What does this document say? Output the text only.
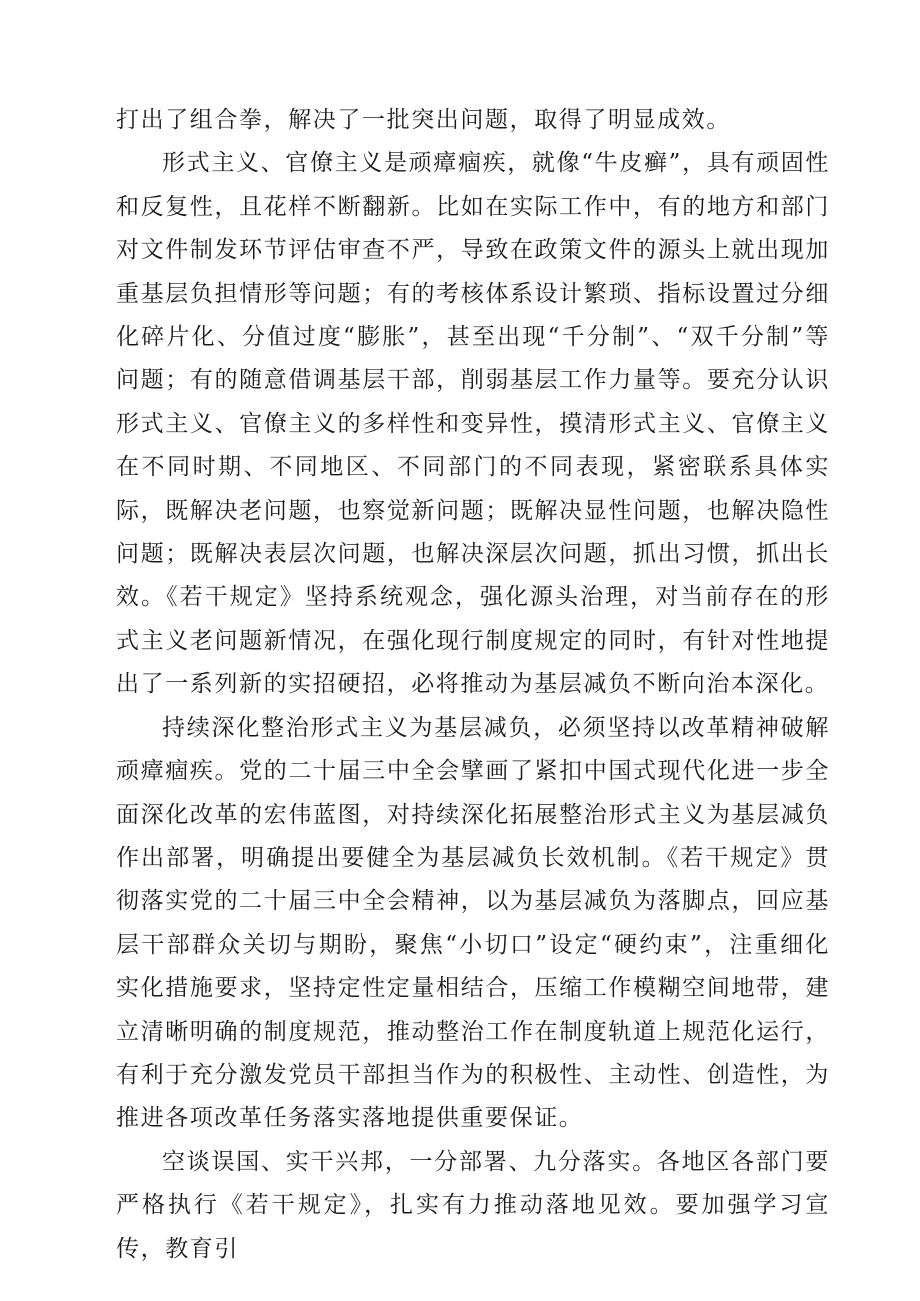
打出了组合拳，解决了一批突出问题，取得了明显成效。

形式主义、官僚主义是顽瘴痼疾，就像“牛皮癣”，具有顽固性和反复性，且花样不断翻新。比如在实际工作中，有的地方和部门对文件制发环节评估审查不严，导致在政策文件的源头上就出现加重基层负担情形等问题；有的考核体系设计繁琐、指标设置过分细化碎片化、分值过度“膨胀”，甚至出现“千分制”、“双千分制”等问题；有的随意借调基层干部，削弱基层工作力量等。要充分认识形式主义、官僚主义的多样性和变异性，摸清形式主义、官僚主义在不同时期、不同地区、不同部门的不同表现，紧密联系具体实际，既解决老问题，也察觉新问题；既解决显性问题，也解决隐性问题；既解决表层次问题，也解决深层次问题，抓出习惯，抓出长效。《若干规定》坚持系统观念，强化源头治理，对当前存在的形式主义老问题新情况，在强化现行制度规定的同时，有针对性地提出了一系列新的实招硬招，必将推动为基层减负不断向治本深化。

持续深化整治形式主义为基层减负，必须坚持以改革精神破解顽瘴痼疾。党的二十届三中全会擘画了紧扣中国式现代化进一步全面深化改革的宏伟蓝图，对持续深化拓展整治形式主义为基层减负作出部署，明确提出要健全为基层减负长效机制。《若干规定》贯彻落实党的二十届三中全会精神，以为基层减负为落脚点，回应基层干部群众关切与期盼，聚焦“小切口”设定“硬约束”，注重细化实化措施要求，坚持定性定量相结合，压缩工作模糊空间地带，建立清晰明确的制度规范，推动整治工作在制度轨道上规范化运行，有利于充分激发党员干部担当作为的积极性、主动性、创造性，为推进各项改革任务落实落地提供重要保证。

空谈误国、实干兴邦，一分部署、九分落实。各地区各部门要严格执行《若干规定》，扎实有力推动落地见效。要加强学习宣传，教育引
